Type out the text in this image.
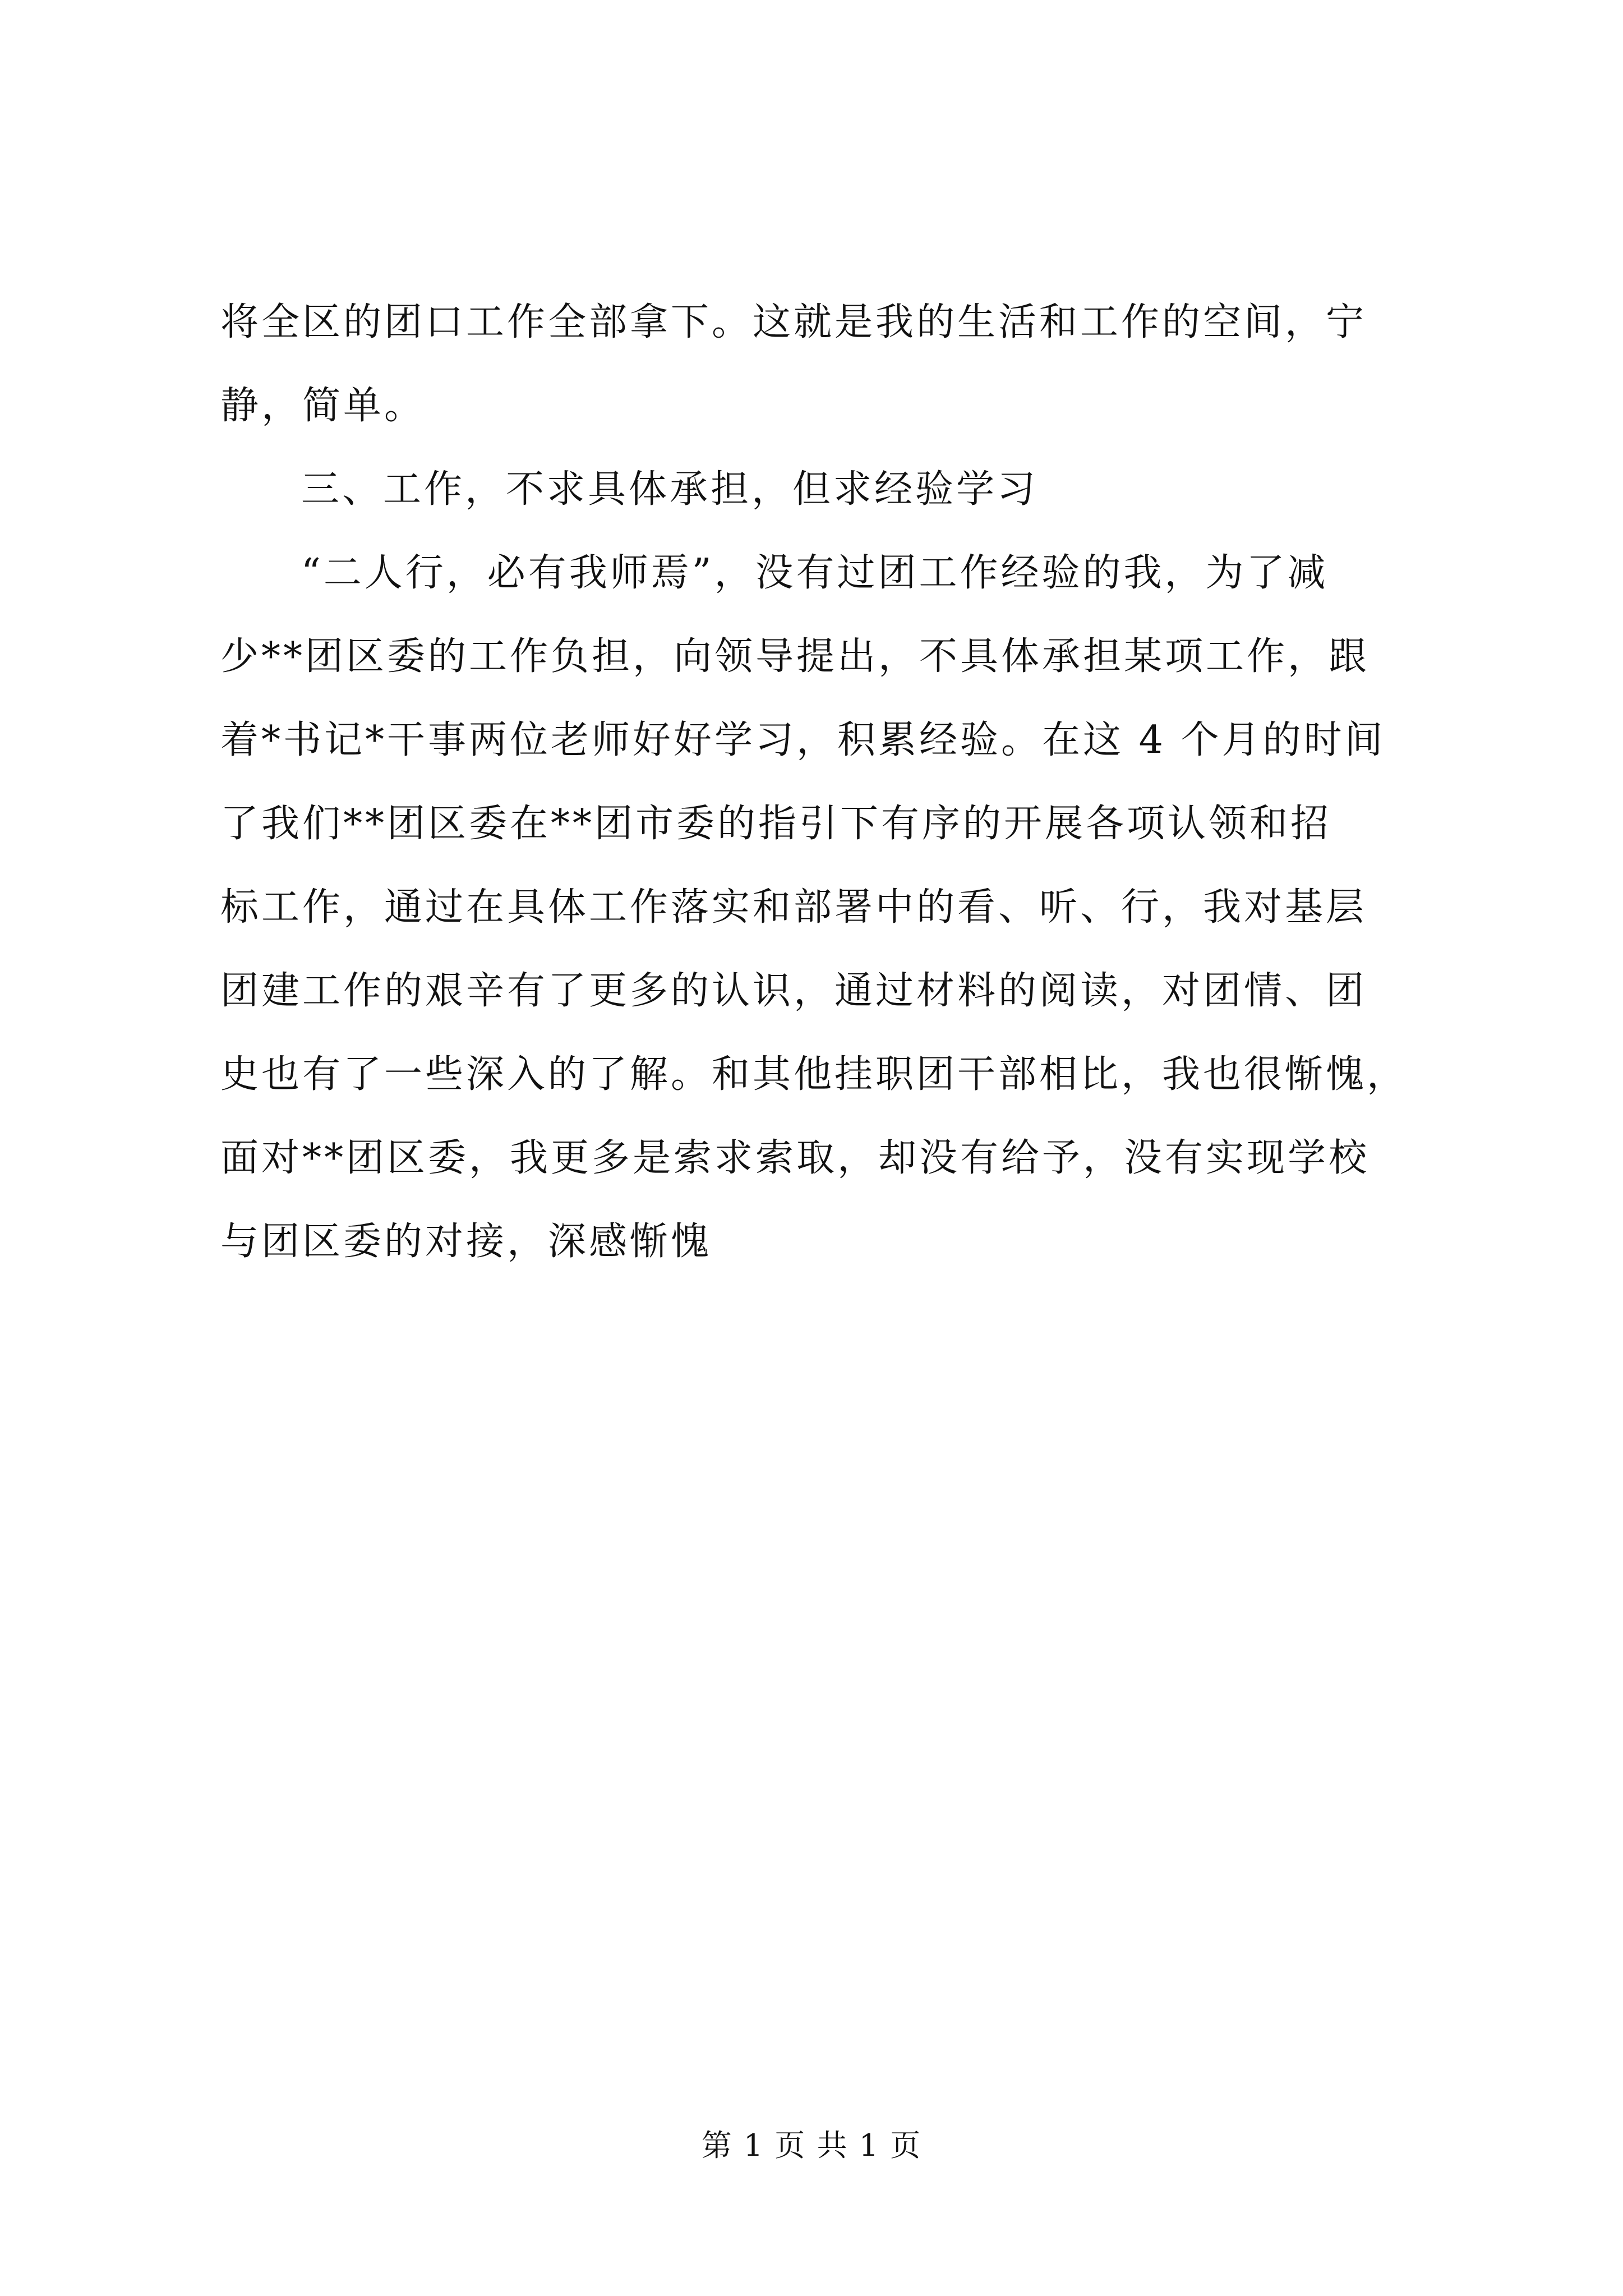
将全区的团口工作全部拿下。这就是我的生活和工作的空间，宁
静，简单。
三、工作，不求具体承担，但求经验学习
“二人行，必有我师焉”，没有过团工作经验的我，为了减
少**团区委的工作负担，向领导提出，不具体承担某项工作，跟
着*书记*干事两位老师好好学习，积累经验。在这 4 个月的时间
了我们**团区委在**团市委的指引下有序的开展各项认领和招
标工作，通过在具体工作落实和部署中的看、听、行，我对基层
团建工作的艰辛有了更多的认识，通过材料的阅读，对团情、团
史也有了一些深入的了解。和其他挂职团干部相比，我也很惭愧，
面对**团区委，我更多是索求索取，却没有给予，没有实现学校
与团区委的对接，深感惭愧
第 1 页 共 1 页
